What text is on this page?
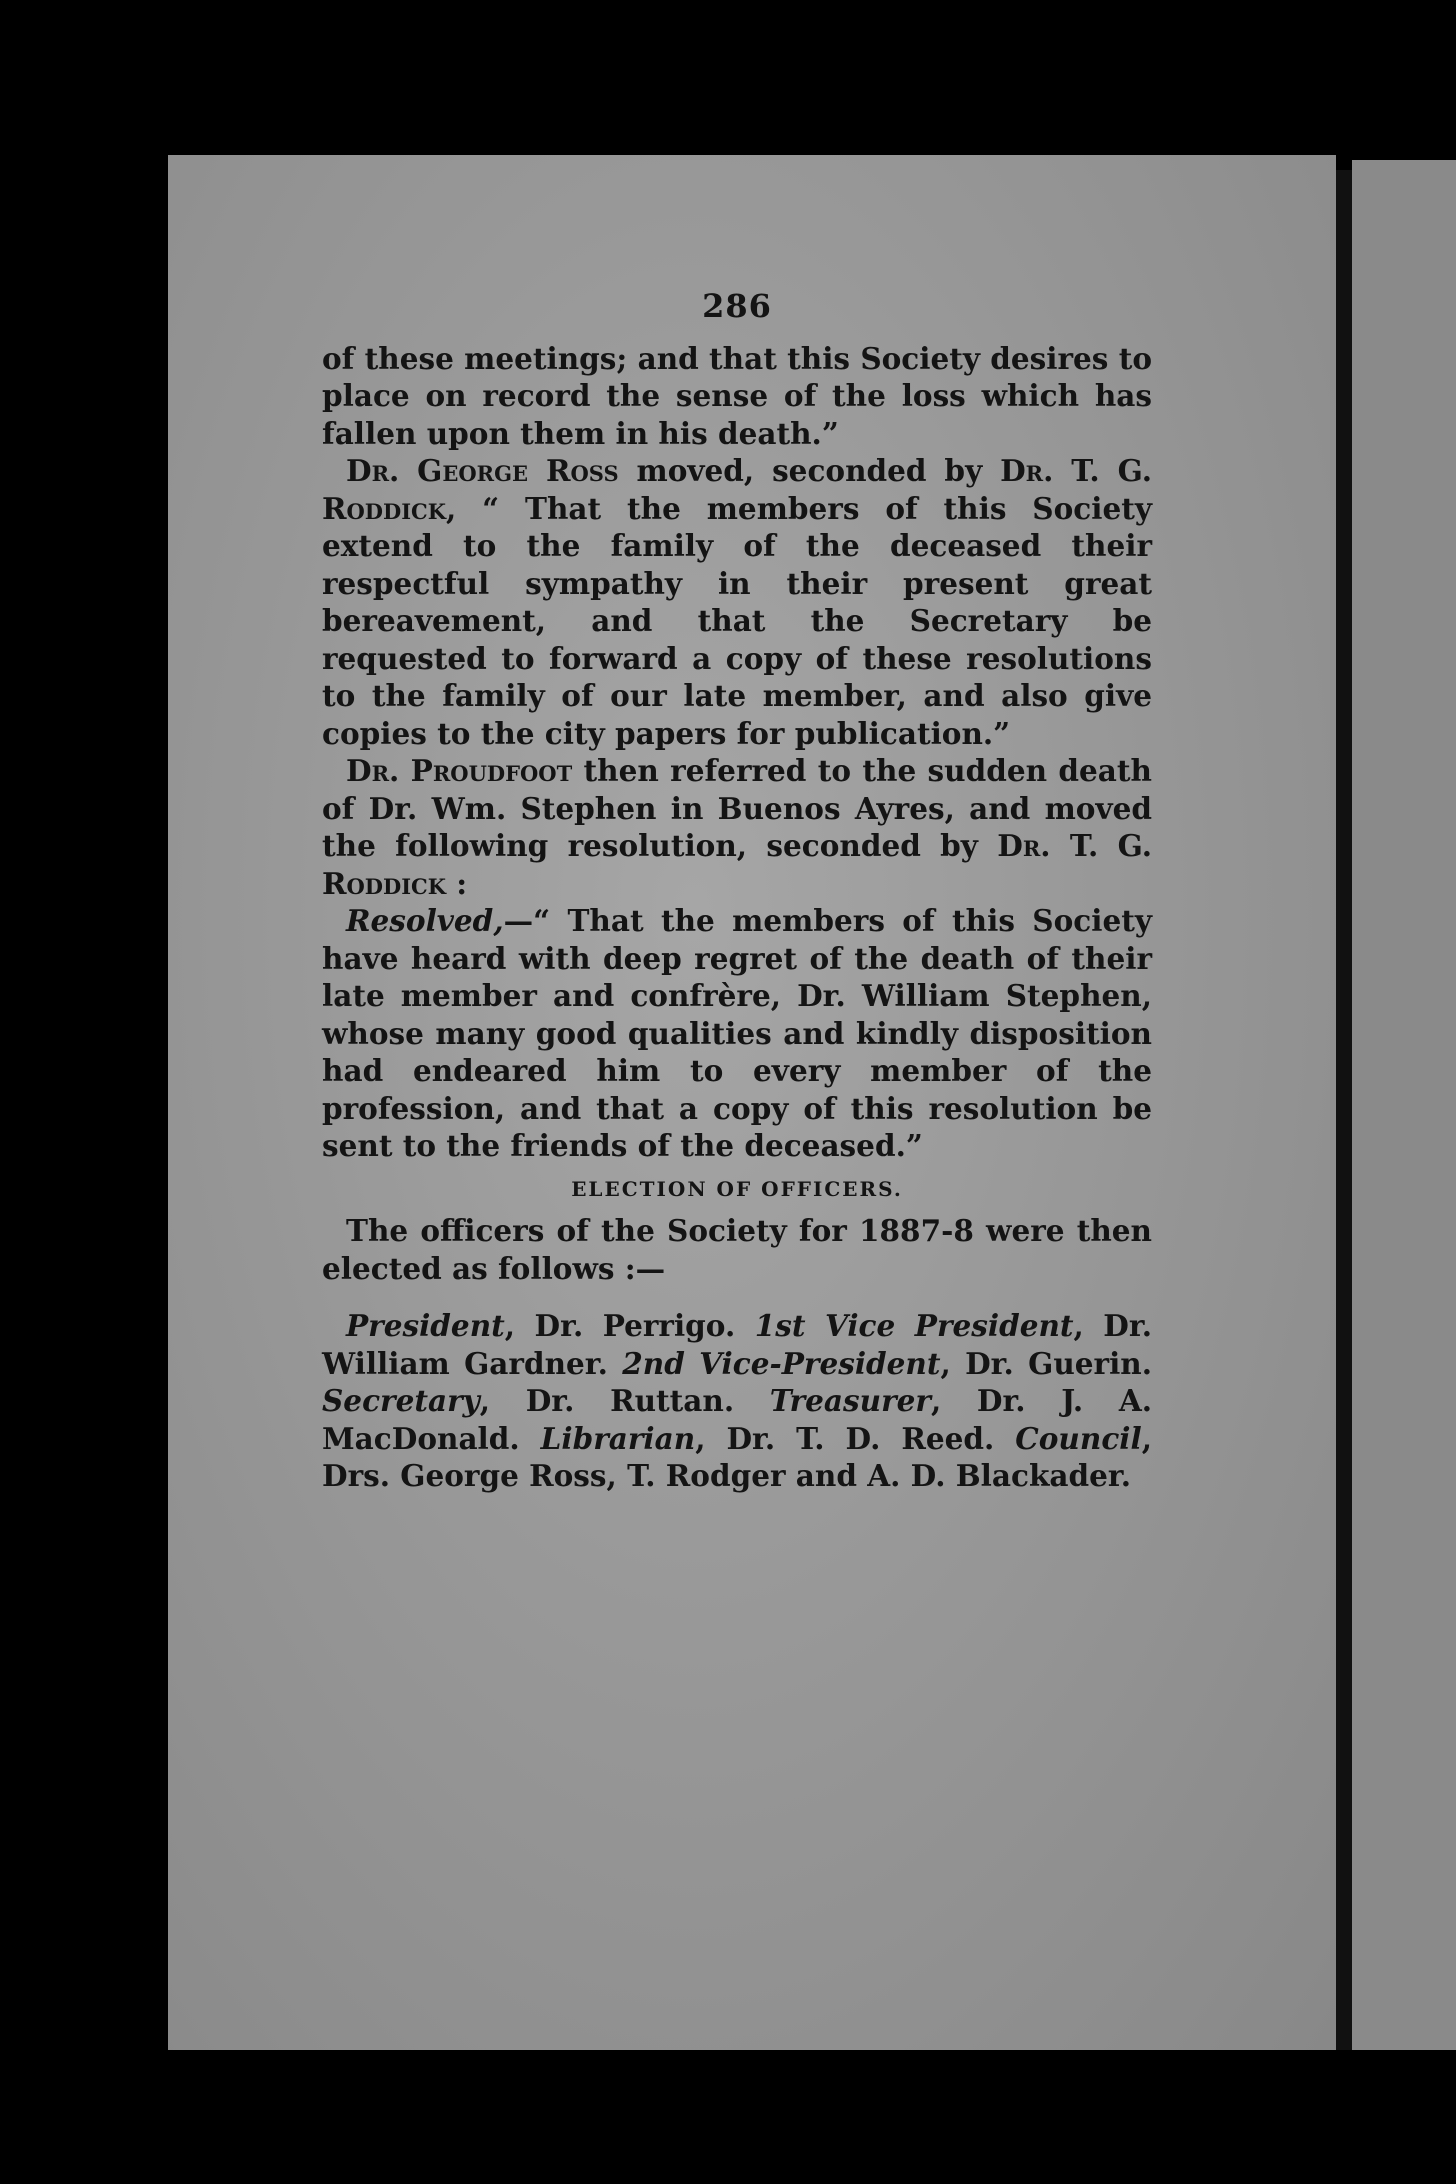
286

of these meetings; and that this Society desires to place on record the sense of the loss which has fallen upon them in his death.”

Dr. George Ross moved, seconded by Dr. T. G. Roddick, “ That the members of this Society extend to the family of the deceased their respectful sympathy in their present great bereavement, and that the Secretary be requested to forward a copy of these resolutions to the family of our late member, and also give copies to the city papers for publication.”

Dr. Proudfoot then referred to the sudden death of Dr. Wm. Stephen in Buenos Ayres, and moved the following resolution, seconded by Dr. T. G. Roddick :

Resolved,—“ That the members of this Society have heard with deep regret of the death of their late member and confrère, Dr. William Stephen, whose many good qualities and kindly disposition had endeared him to every member of the profession, and that a copy of this resolution be sent to the friends of the deceased.”

ELECTION OF OFFICERS.

The officers of the Society for 1887-8 were then elected as follows :—

President, Dr. Perrigo. 1st Vice President, Dr. William Gardner. 2nd Vice-President, Dr. Guerin. Secretary, Dr. Ruttan. Treasurer, Dr. J. A. MacDonald. Librarian, Dr. T. D. Reed. Council, Drs. George Ross, T. Rodger and A. D. Blackader.
